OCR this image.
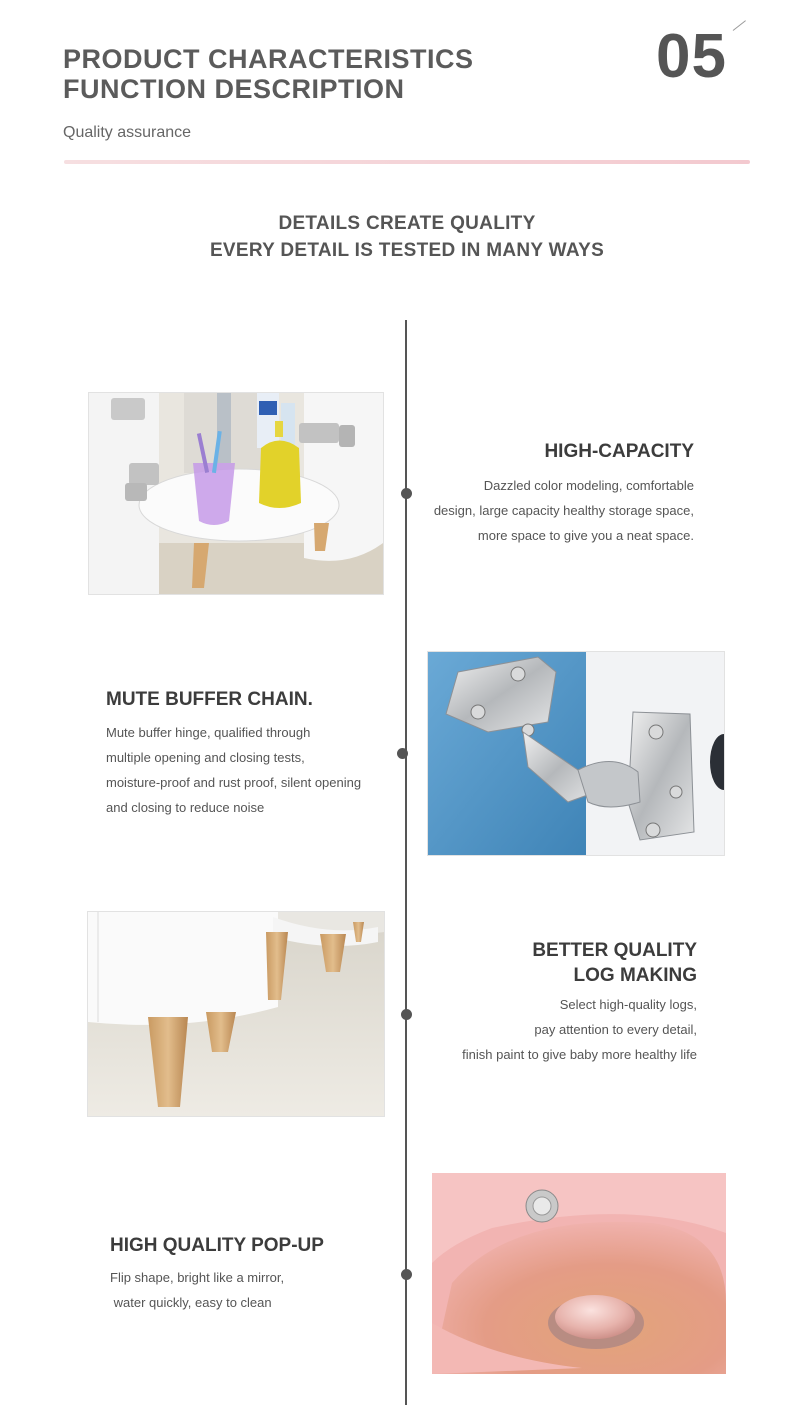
PRODUCT CHARACTERISTICS
FUNCTION DESCRIPTION	05
Quality assurance
DETAILS CREATE QUALITY
EVERY DETAIL IS TESTED IN MANY WAYS
HIGH-CAPACITY
Dazzled color modeling, comfortable
design, large capacity healthy storage space,
more space to give you a neat space.
MUTE BUFFER CHAIN.
Mute buffer hinge, qualified through
multiple opening and closing tests,
moisture-proof and rust proof, silent opening
and closing to reduce noise
BETTER QUALITY
LOG MAKING
Select high-quality logs,
pay attention to every detail,
finish paint to give baby more healthy life
HIGH QUALITY POP-UP
Flip shape, bright like a mirror,
water quickly, easy to clean
